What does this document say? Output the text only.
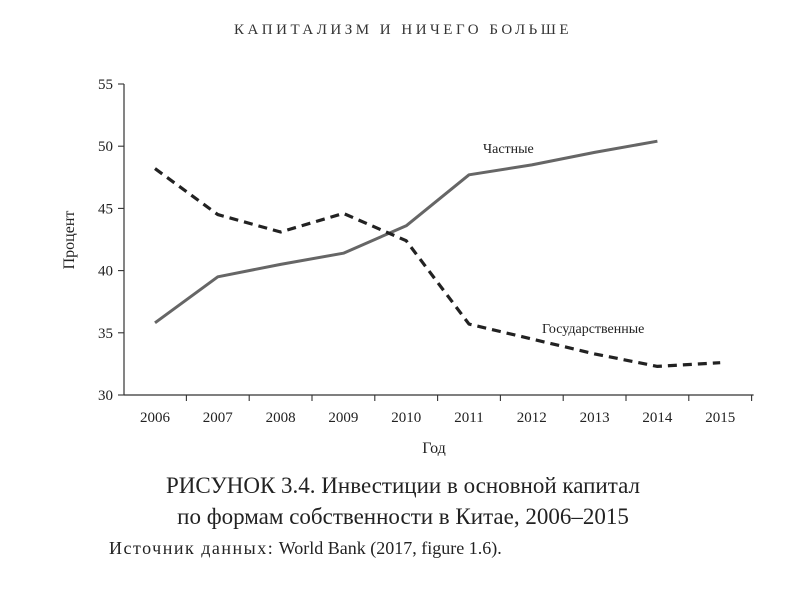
КАПИТАЛИЗМ И НИЧЕГО БОЛЬШЕ
30
35
40
45
50
55
2006 2007 2008 2009 2010 2011 2012 2013 2014 2015
Процент
Год
Частные
Государственные
РИСУНОК 3.4. Инвестиции в основной капитал
по формам собственности в Китае, 2006–2015
Источник данных: World Bank (2017, figure 1.6).
